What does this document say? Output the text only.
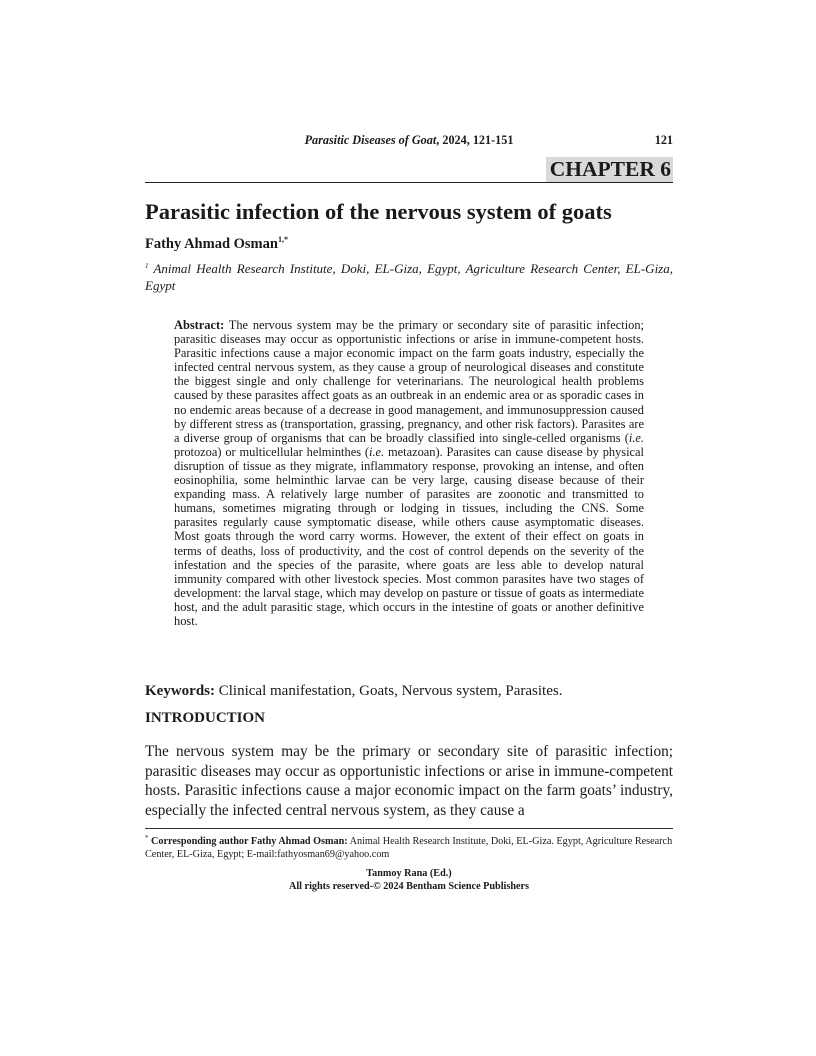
Parasitic Diseases of Goat, 2024, 121-151	121
CHAPTER 6
Parasitic infection of the nervous system of goats
Fathy Ahmad Osman$^{1,*}$
$^1$ Animal Health Research Institute, Doki, EL-Giza, Egypt, Agriculture Research Center, EL-Giza, Egypt

Abstract: The nervous system may be the primary or secondary site of parasitic infection; parasitic diseases may occur as opportunistic infections or arise in immune-competent hosts. Parasitic infections cause a major economic impact on the farm goats industry, especially the infected central nervous system, as they cause a group of neurological diseases and constitute the biggest single and only challenge for veterinarians. The neurological health problems caused by these parasites affect goats as an outbreak in an endemic area or as sporadic cases in no endemic areas because of a decrease in good management, and immunosuppression caused by different stress as (transportation, grassing, pregnancy, and other risk factors). Parasites are a diverse group of organisms that can be broadly classified into single-celled organisms (i.e. protozoa) or multicellular helminthes (i.e. metazoan). Parasites can cause disease by physical disruption of tissue as they migrate, inflammatory response, provoking an intense, and often eosinophilia, some helminthic larvae can be very large, causing disease because of their expanding mass. A relatively large number of parasites are zoonotic and transmitted to humans, sometimes migrating through or lodging in tissues, including the CNS. Some parasites regularly cause symptomatic disease, while others cause asymptomatic diseases. Most goats through the word carry worms. However, the extent of their effect on goats in terms of deaths, loss of productivity, and the cost of control depends on the severity of the infestation and the species of the parasite, where goats are less able to develop natural immunity compared with other livestock species. Most common parasites have two stages of development: the larval stage, which may develop on pasture or tissue of goats as intermediate host, and the adult parasitic stage, which occurs in the intestine of goats or another definitive host.

Keywords: Clinical manifestation, Goats, Nervous system, Parasites.
INTRODUCTION

The nervous system may be the primary or secondary site of parasitic infection; parasitic diseases may occur as opportunistic infections or arise in immune-competent hosts. Parasitic infections cause a major economic impact on the farm goats’ industry, especially the infected central nervous system, as they cause a

* Corresponding author Fathy Ahmad Osman: Animal Health Research Institute, Doki, EL-Giza. Egypt, Agriculture Research Center, EL-Giza, Egypt; E-mail:fathyosman69@yahoo.com
Tanmoy Rana (Ed.)
All rights reserved-© 2024 Bentham Science Publishers
